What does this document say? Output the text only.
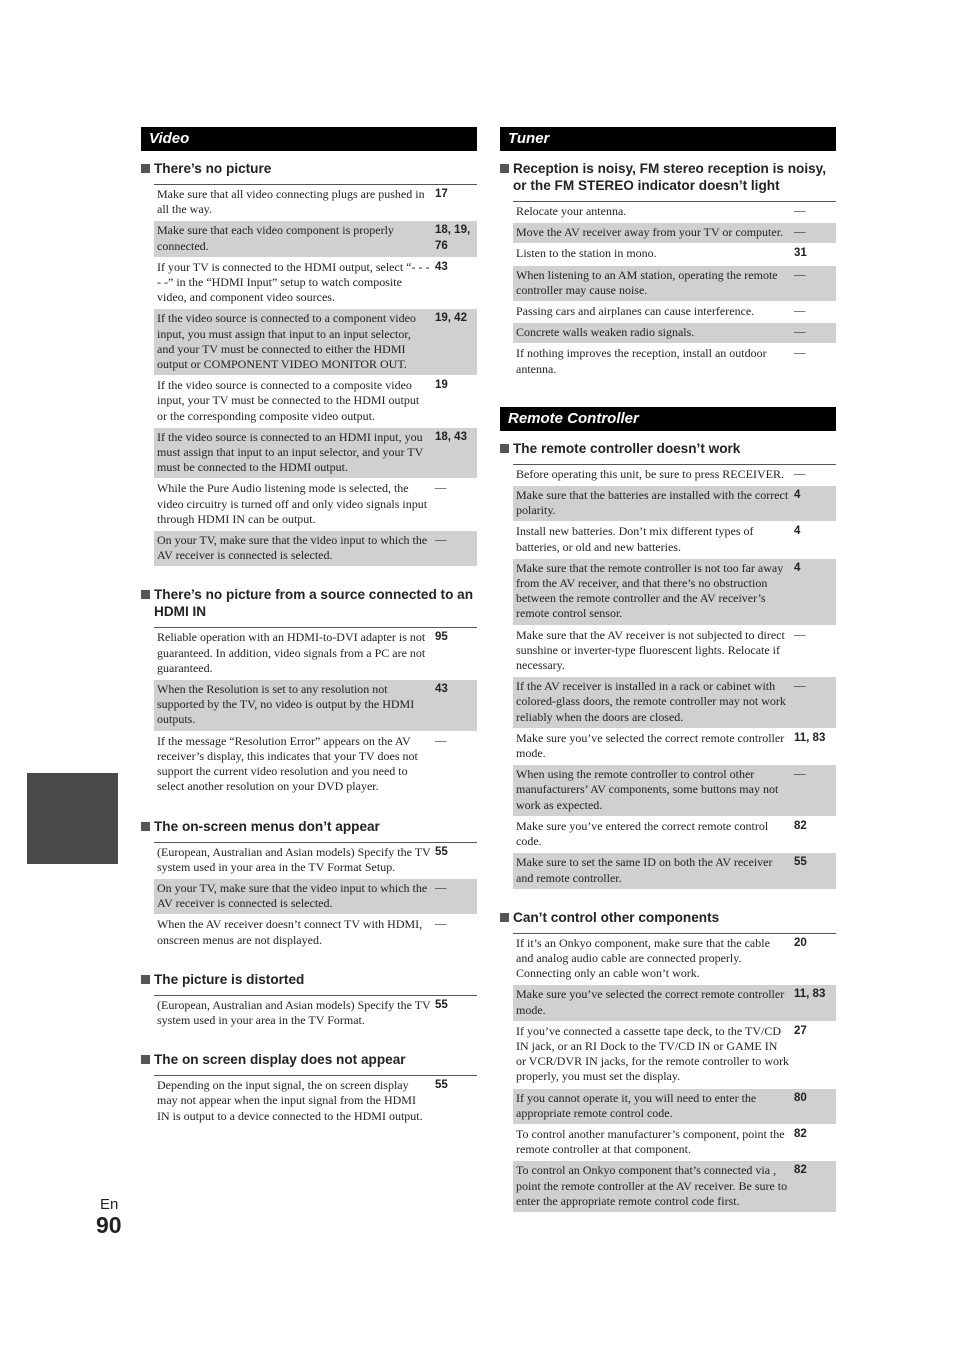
En
90
Video
There’s no picture
Make sure that all video connecting plugs are pushed in all the way.
17
Make sure that each video component is properly connected.
18, 19, 76
If your TV is connected to the HDMI output, select “- - - - -” in the “HDMI Input” setup to watch composite video, and component video sources.
43
If the video source is connected to a component video input, you must assign that input to an input selector, and your TV must be connected to either the HDMI output or COMPONENT VIDEO MONITOR OUT.
19, 42
If the video source is connected to a composite video input, your TV must be connected to the HDMI output or the corresponding composite video output.
19
If the video source is connected to an HDMI input, you must assign that input to an input selector, and your TV must be connected to the HDMI output.
18, 43
While the Pure Audio listening mode is selected, the video circuitry is turned off and only video signals input through HDMI IN can be output.
—
On your TV, make sure that the video input to which the AV receiver is connected is selected.
—
There’s no picture from a source connected to an HDMI IN
Reliable operation with an HDMI-to-DVI adapter is not guaranteed. In addition, video signals from a PC are not guaranteed.
95
When the Resolution is set to any resolution not supported by the TV, no video is output by the HDMI outputs.
43
If the message “Resolution Error” appears on the AV receiver’s display, this indicates that your TV does not support the current video resolution and you need to select another resolution on your DVD player.
—
The on-screen menus don’t appear
(European, Australian and Asian models) Specify the TV system used in your area in the TV Format Setup.
55
On your TV, make sure that the video input to which the AV receiver is connected is selected.
—
When the AV receiver doesn’t connect TV with HDMI, onscreen menus are not displayed.
—
The picture is distorted
(European, Australian and Asian models) Specify the TV system used in your area in the TV Format.
55
The on screen display does not appear
Depending on the input signal, the on screen display may not appear when the input signal from the HDMI IN is output to a device connected to the HDMI output.
55
Tuner
Reception is noisy, FM stereo reception is noisy, or the FM STEREO indicator doesn’t light
Relocate your antenna.	—
Move the AV receiver away from your TV or computer. —
Listen to the station in mono.	31
When listening to an AM station, operating the remote controller may cause noise.
—
Passing cars and airplanes can cause interference.	—
Concrete walls weaken radio signals.	—
If nothing improves the reception, install an outdoor antenna.
—
Remote Controller
The remote controller doesn’t work
Before operating this unit, be sure to press RECEIVER. —
Make sure that the batteries are installed with the correct polarity.
4
Install new batteries. Don’t mix different types of batteries, or old and new batteries.
4
Make sure that the remote controller is not too far away from the AV receiver, and that there’s no obstruction between the remote controller and the AV receiver’s remote control sensor.
4
Make sure that the AV receiver is not subjected to direct sunshine or inverter-type fluorescent lights. Relocate if necessary.
—
If the AV receiver is installed in a rack or cabinet with colored-glass doors, the remote controller may not work reliably when the doors are closed.
—
Make sure you’ve selected the correct remote controller mode.
11, 83
When using the remote controller to control other manufacturers’ AV components, some buttons may not work as expected.
—
Make sure you’ve entered the correct remote control code.
82
Make sure to set the same ID on both the AV receiver and remote controller.
55
Can’t control other components
If it’s an Onkyo component, make sure that the cable and analog audio cable are connected properly. Connecting only an cable won’t work.
20
Make sure you’ve selected the correct remote controller mode.
11, 83
If you’ve connected a cassette tape deck, to the TV/CD IN jack, or an RI Dock to the TV/CD IN or GAME IN or VCR/DVR IN jacks, for the remote controller to work properly, you must set the display.
27
If you cannot operate it, you will need to enter the appropriate remote control code.
80
To control another manufacturer’s component, point the remote controller at that component.
82
To control an Onkyo component that’s connected via , point the remote controller at the AV receiver. Be sure to enter the appropriate remote control code first.
82
